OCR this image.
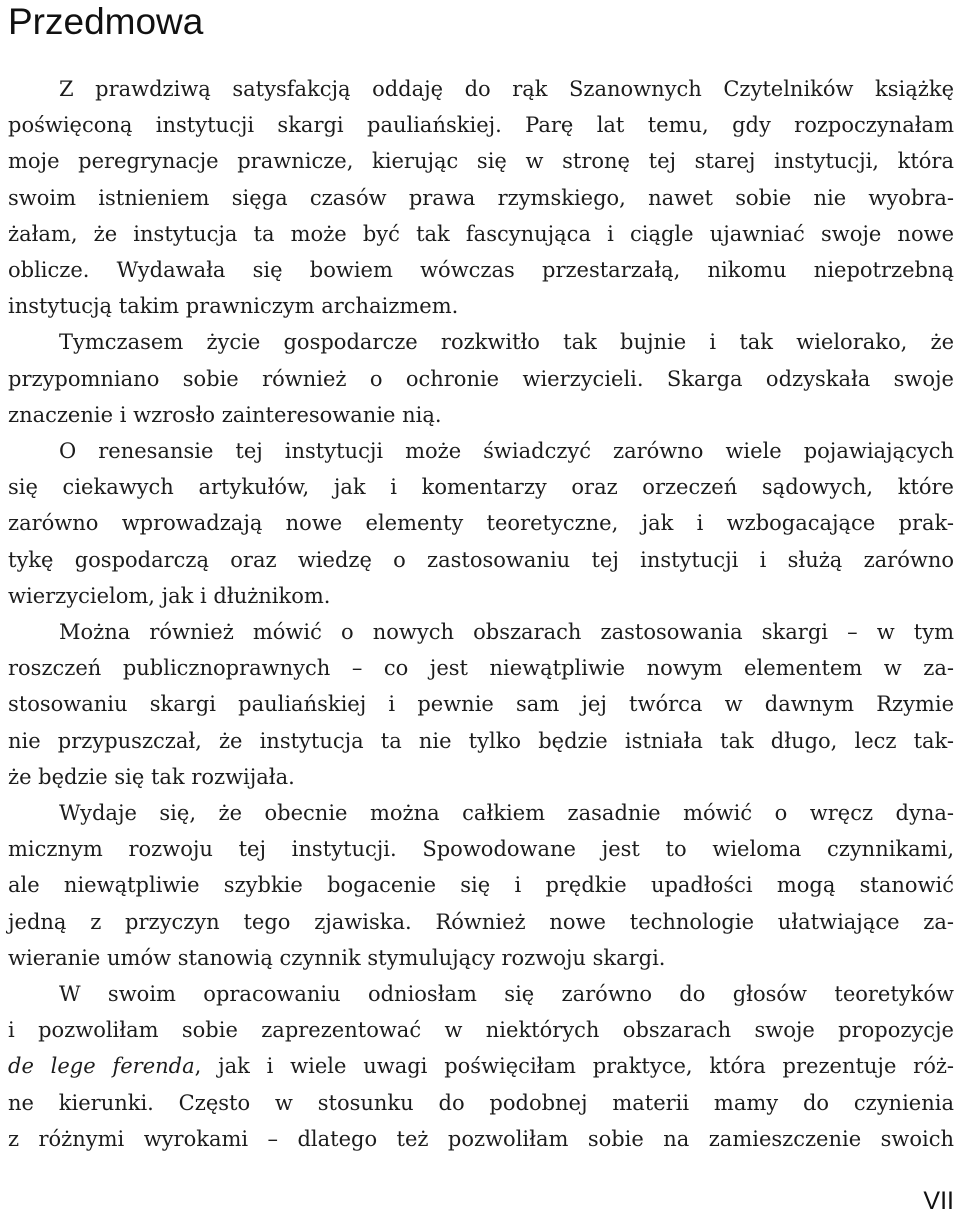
Przedmowa
Z prawdziwą satysfakcją oddaję do rąk Szanownych Czytelników książkę
poświęconą instytucji skargi pauliańskiej. Parę lat temu, gdy rozpoczynałam
moje peregrynacje prawnicze, kierując się w stronę tej starej instytucji, która
swoim istnieniem sięga czasów prawa rzymskiego, nawet sobie nie wyobra-
żałam, że instytucja ta może być tak fascynująca i ciągle ujawniać swoje nowe
oblicze. Wydawała się bowiem wówczas przestarzałą, nikomu niepotrzebną
instytucją takim prawniczym archaizmem.
Tymczasem życie gospodarcze rozkwitło tak bujnie i tak wielorako, że
przypomniano sobie również o ochronie wierzycieli. Skarga odzyskała swoje
znaczenie i wzrosło zainteresowanie nią.
O renesansie tej instytucji może świadczyć zarówno wiele pojawiających
się ciekawych artykułów, jak i komentarzy oraz orzeczeń sądowych, które
zarówno wprowadzają nowe elementy teoretyczne, jak i wzbogacające prak-
tykę gospodarczą oraz wiedzę o zastosowaniu tej instytucji i służą zarówno
wierzycielom, jak i dłużnikom.
Można również mówić o nowych obszarach zastosowania skargi – w tym
roszczeń publicznoprawnych – co jest niewątpliwie nowym elementem w za-
stosowaniu skargi pauliańskiej i pewnie sam jej twórca w dawnym Rzymie
nie przypuszczał, że instytucja ta nie tylko będzie istniała tak długo, lecz tak-
że będzie się tak rozwijała.
Wydaje się, że obecnie można całkiem zasadnie mówić o wręcz dyna-
micznym rozwoju tej instytucji. Spowodowane jest to wieloma czynnikami,
ale niewątpliwie szybkie bogacenie się i prędkie upadłości mogą stanowić
jedną z przyczyn tego zjawiska. Również nowe technologie ułatwiające za-
wieranie umów stanowią czynnik stymulujący rozwoju skargi.
W swoim opracowaniu odniosłam się zarówno do głosów teoretyków
i pozwoliłam sobie zaprezentować w niektórych obszarach swoje propozycje
de lege ferenda, jak i wiele uwagi poświęciłam praktyce, która prezentuje róż-
ne kierunki. Często w stosunku do podobnej materii mamy do czynienia
z różnymi wyrokami – dlatego też pozwoliłam sobie na zamieszczenie swoich
VII
